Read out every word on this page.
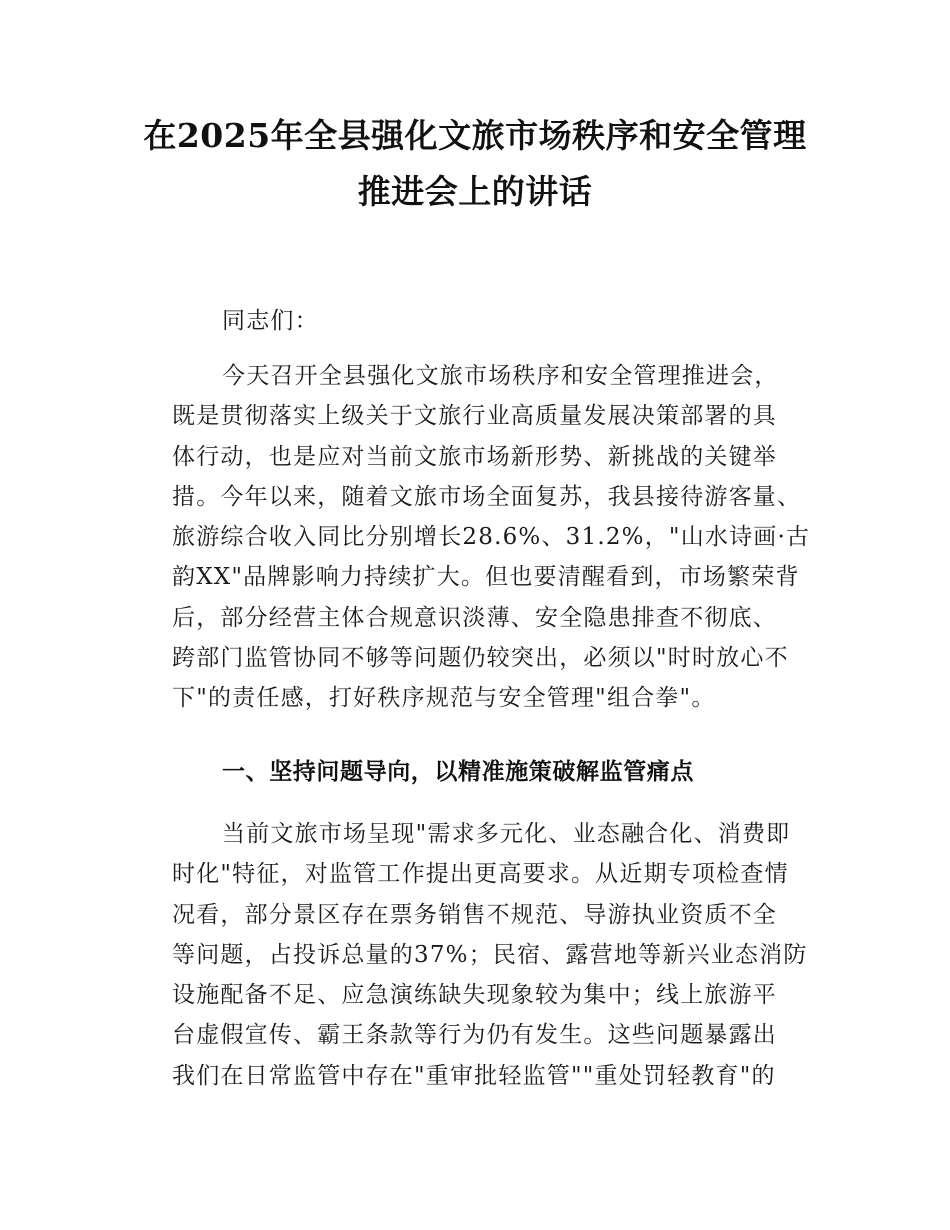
在2025年全县强化文旅市场秩序和安全管理
推进会上的讲话
同志们：
今天召开全县强化文旅市场秩序和安全管理推进会，
既是贯彻落实上级关于文旅行业高质量发展决策部署的具
体行动，也是应对当前文旅市场新形势、新挑战的关键举
措。今年以来，随着文旅市场全面复苏，我县接待游客量、
旅游综合收入同比分别增长28.6%、31.2%，"山水诗画·古
韵XX"品牌影响力持续扩大。但也要清醒看到，市场繁荣背
后，部分经营主体合规意识淡薄、安全隐患排查不彻底、
跨部门监管协同不够等问题仍较突出，必须以"时时放心不
下"的责任感，打好秩序规范与安全管理"组合拳"。
一、坚持问题导向，以精准施策破解监管痛点
当前文旅市场呈现"需求多元化、业态融合化、消费即
时化"特征，对监管工作提出更高要求。从近期专项检查情
况看，部分景区存在票务销售不规范、导游执业资质不全
等问题，占投诉总量的37%；民宿、露营地等新兴业态消防
设施配备不足、应急演练缺失现象较为集中；线上旅游平
台虚假宣传、霸王条款等行为仍有发生。这些问题暴露出
我们在日常监管中存在"重审批轻监管""重处罚轻教育"的
